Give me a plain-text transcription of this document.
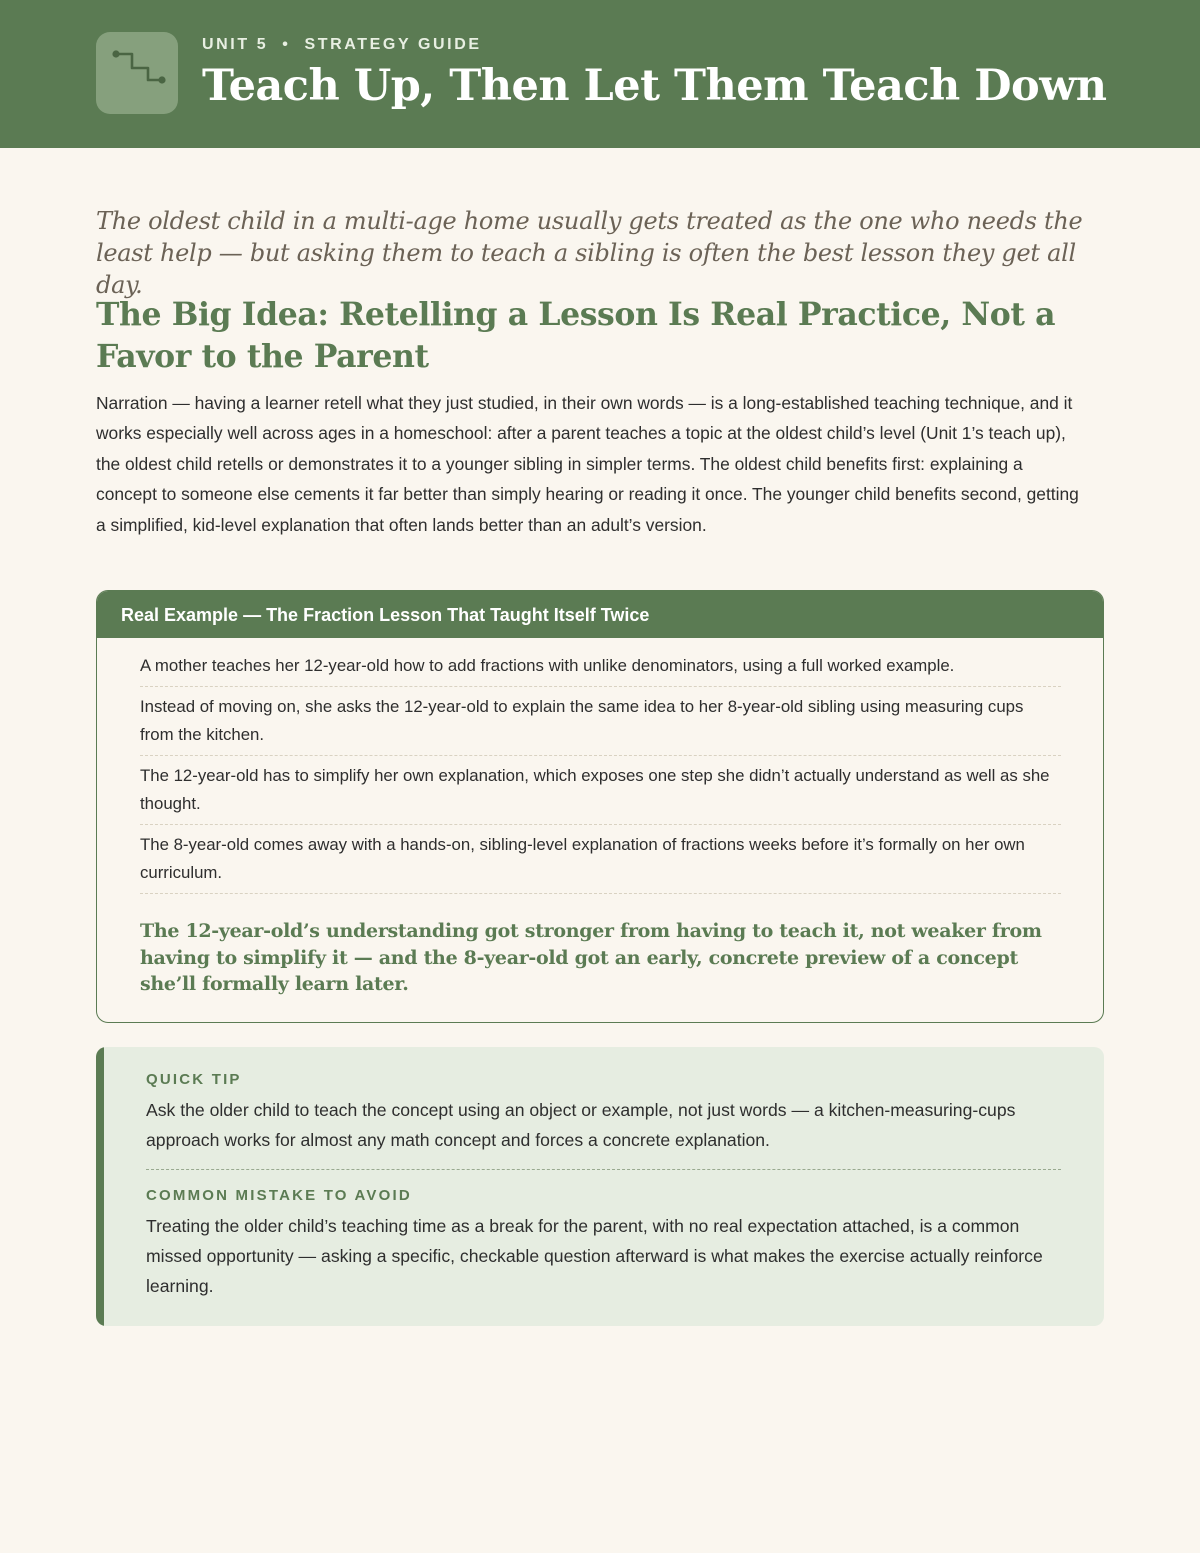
UNIT 5 • STRATEGY GUIDE
Teach Up, Then Let Them Teach Down

The oldest child in a multi-age home usually gets treated as the one who needs the least help — but asking them to teach a sibling is often the best lesson they get all day.

The Big Idea: Retelling a Lesson Is Real Practice, Not a Favor to the Parent

Narration — having a learner retell what they just studied, in their own words — is a long-established teaching technique, and it works especially well across ages in a homeschool: after a parent teaches a topic at the oldest child’s level (Unit 1’s teach up), the oldest child retells or demonstrates it to a younger sibling in simpler terms. The oldest child benefits first: explaining a concept to someone else cements it far better than simply hearing or reading it once. The younger child benefits second, getting a simplified, kid-level explanation that often lands better than an adult’s version.

Real Example — The Fraction Lesson That Taught Itself Twice
A mother teaches her 12-year-old how to add fractions with unlike denominators, using a full worked example.
Instead of moving on, she asks the 12-year-old to explain the same idea to her 8-year-old sibling using measuring cups from the kitchen.
The 12-year-old has to simplify her own explanation, which exposes one step she didn’t actually understand as well as she thought.
The 8-year-old comes away with a hands-on, sibling-level explanation of fractions weeks before it’s formally on her own curriculum.

The 12-year-old’s understanding got stronger from having to teach it, not weaker from having to simplify it — and the 8-year-old got an early, concrete preview of a concept she’ll formally learn later.

QUICK TIP

Ask the older child to teach the concept using an object or example, not just words — a kitchen-measuring-cups approach works for almost any math concept and forces a concrete explanation.

COMMON MISTAKE TO AVOID

Treating the older child’s teaching time as a break for the parent, with no real expectation attached, is a common missed opportunity — asking a specific, checkable question afterward is what makes the exercise actually reinforce learning.
